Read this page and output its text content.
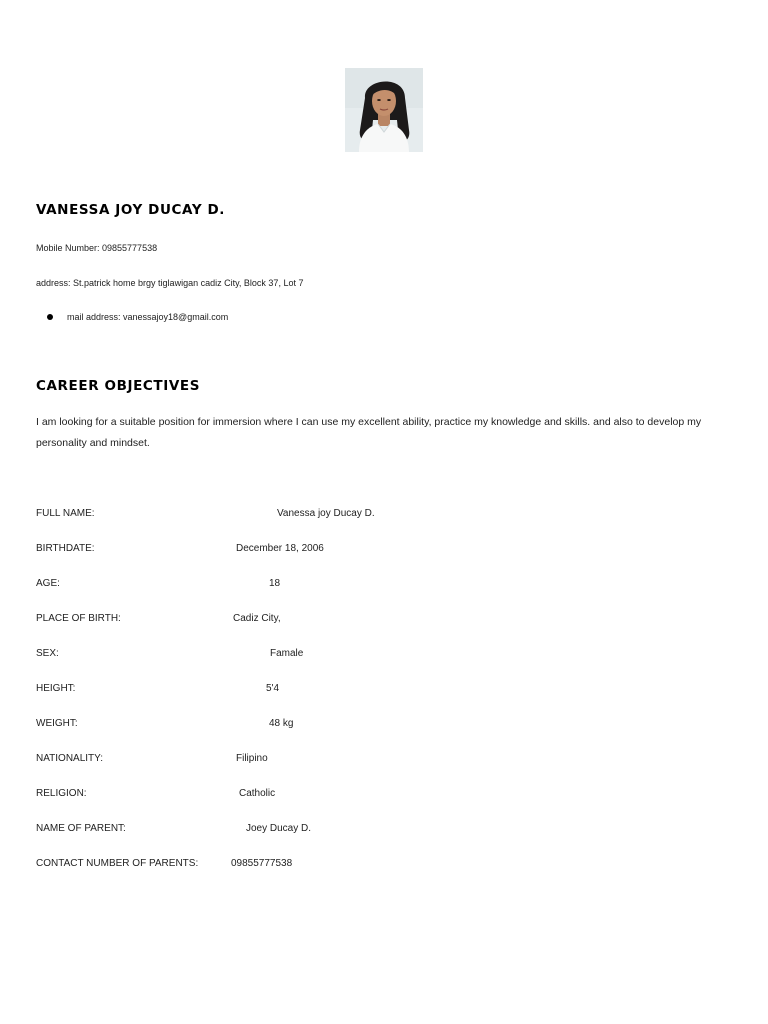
VANESSA JOY DUCAY D.
Mobile Number: 09855777538
address: St.patrick home brgy tiglawigan cadiz City, Block 37, Lot 7
mail address: vanessajoy18@gmail.com
CAREER OBJECTIVES
I am looking for a suitable position for immersion where I can use my excellent ability, practice my knowledge and skills. and also to develop my personality and mindset.
FULL NAME:	Vanessa joy Ducay D.
BIRTHDATE:	December 18, 2006
AGE:	18
PLACE OF BIRTH:	Cadiz City,
SEX:	Famale
HEIGHT:	5'4
WEIGHT:	48 kg
NATIONALITY:	Filipino
RELIGION:	Catholic
NAME OF PARENT:	Joey Ducay D.
CONTACT NUMBER OF PARENTS:	09855777538
